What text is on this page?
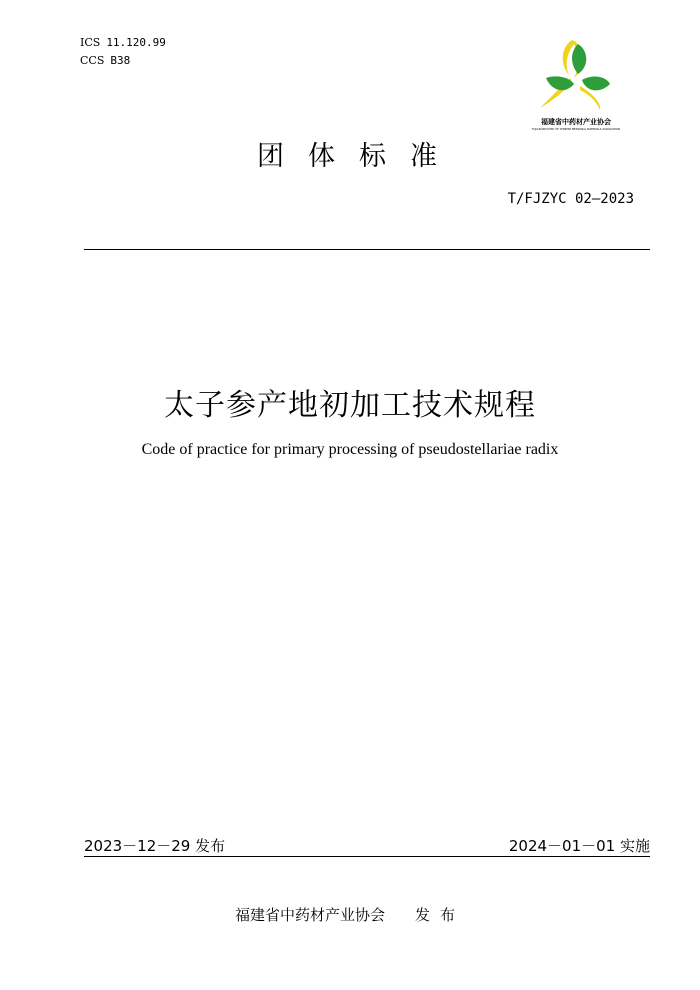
ICS 11.120.99
CCS B38
福建省中药材产业协会
FUJIAN INDUSTRY OF CHINESE MEDICINAL MATERIALS ASSOCIATION
团体标准
T/FJZYC 02—2023
太子参产地初加工技术规程
Code of practice for primary processing of pseudostellariae radix
2023－12－29 发布	2024－01－01 实施
福建省中药材产业协会 发布
